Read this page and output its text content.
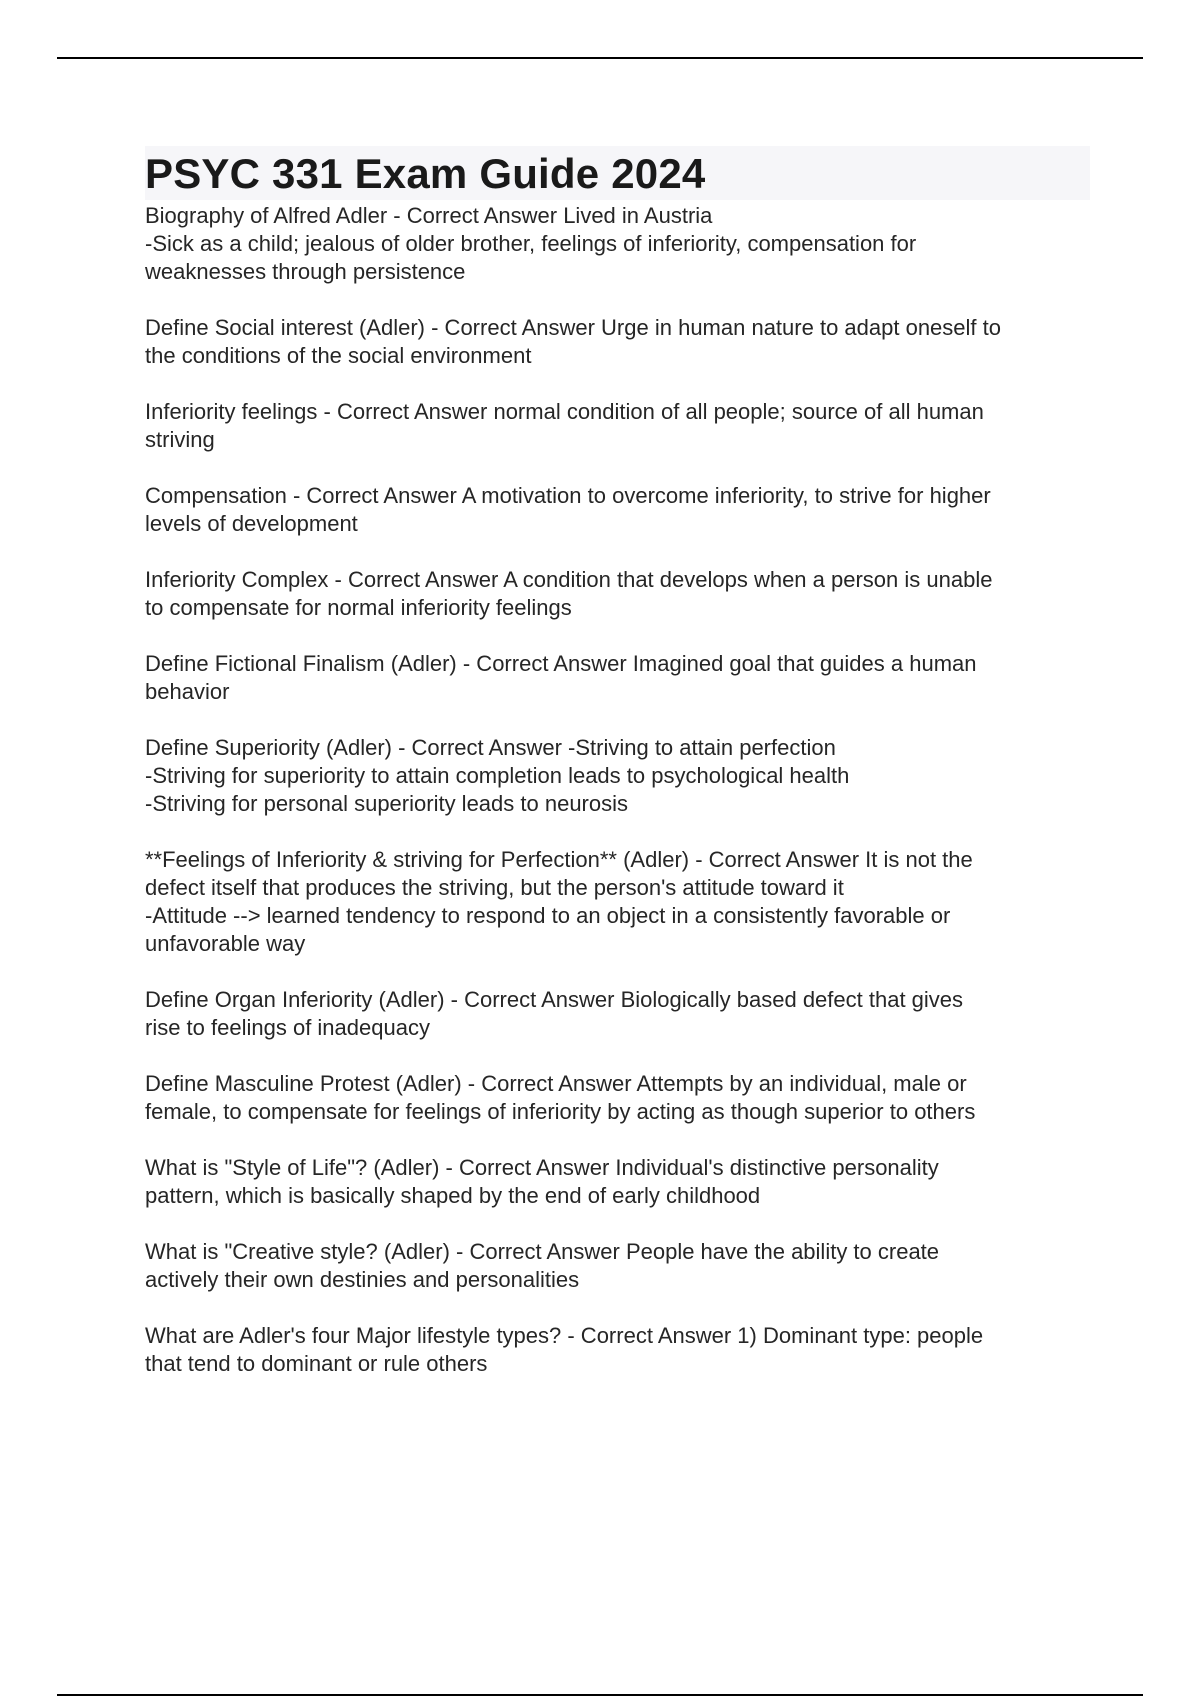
PSYC 331 Exam Guide 2024
Biography of Alfred Adler - Correct Answer Lived in Austria
-Sick as a child; jealous of older brother, feelings of inferiority, compensation for
weaknesses through persistence
Define Social interest (Adler) - Correct Answer Urge in human nature to adapt oneself to
the conditions of the social environment
Inferiority feelings - Correct Answer normal condition of all people; source of all human
striving
Compensation - Correct Answer A motivation to overcome inferiority, to strive for higher
levels of development
Inferiority Complex - Correct Answer A condition that develops when a person is unable
to compensate for normal inferiority feelings
Define Fictional Finalism (Adler) - Correct Answer Imagined goal that guides a human
behavior
Define Superiority (Adler) - Correct Answer -Striving to attain perfection
-Striving for superiority to attain completion leads to psychological health
-Striving for personal superiority leads to neurosis
**Feelings of Inferiority & striving for Perfection** (Adler) - Correct Answer It is not the
defect itself that produces the striving, but the person's attitude toward it
-Attitude --> learned tendency to respond to an object in a consistently favorable or
unfavorable way
Define Organ Inferiority (Adler) - Correct Answer Biologically based defect that gives
rise to feelings of inadequacy
Define Masculine Protest (Adler) - Correct Answer Attempts by an individual, male or
female, to compensate for feelings of inferiority by acting as though superior to others
What is "Style of Life"? (Adler) - Correct Answer Individual's distinctive personality
pattern, which is basically shaped by the end of early childhood
What is "Creative style? (Adler) - Correct Answer People have the ability to create
actively their own destinies and personalities
What are Adler's four Major lifestyle types? - Correct Answer 1) Dominant type: people
that tend to dominant or rule others
